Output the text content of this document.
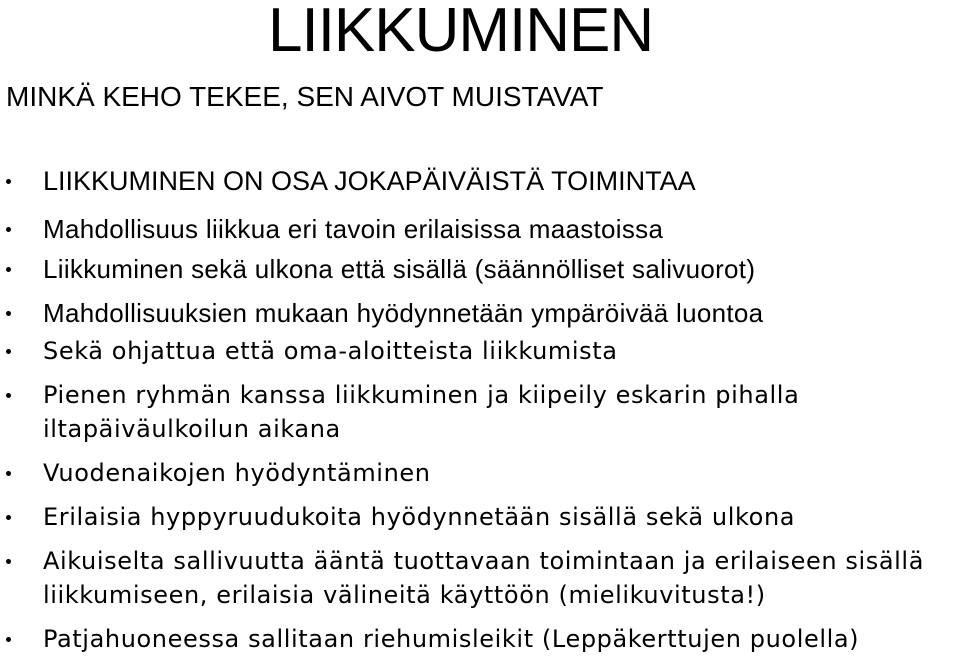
LIIKKUMINEN
MINKÄ KEHO TEKEE, SEN AIVOT MUISTAVAT
LIIKKUMINEN ON OSA JOKAPÄIVÄISTÄ TOIMINTAA
Mahdollisuus liikkua eri tavoin erilaisissa maastoissa
Liikkuminen sekä ulkona että sisällä (säännölliset salivuorot)
Mahdollisuuksien mukaan hyödynnetään ympäröivää luontoa
Sekä ohjattua että oma-aloitteista liikkumista
Pienen ryhmän kanssa liikkuminen ja kiipeily eskarin pihalla iltapäiväulkoilun aikana
Vuodenaikojen hyödyntäminen
Erilaisia hyppyruudukoita hyödynnetään sisällä sekä ulkona
Aikuiselta sallivuutta ääntä tuottavaan toimintaan ja erilaiseen sisällä liikkumiseen, erilaisia välineitä käyttöön (mielikuvitusta!)
Patjahuoneessa sallitaan riehumisleikit (Leppäkerttujen puolella)
